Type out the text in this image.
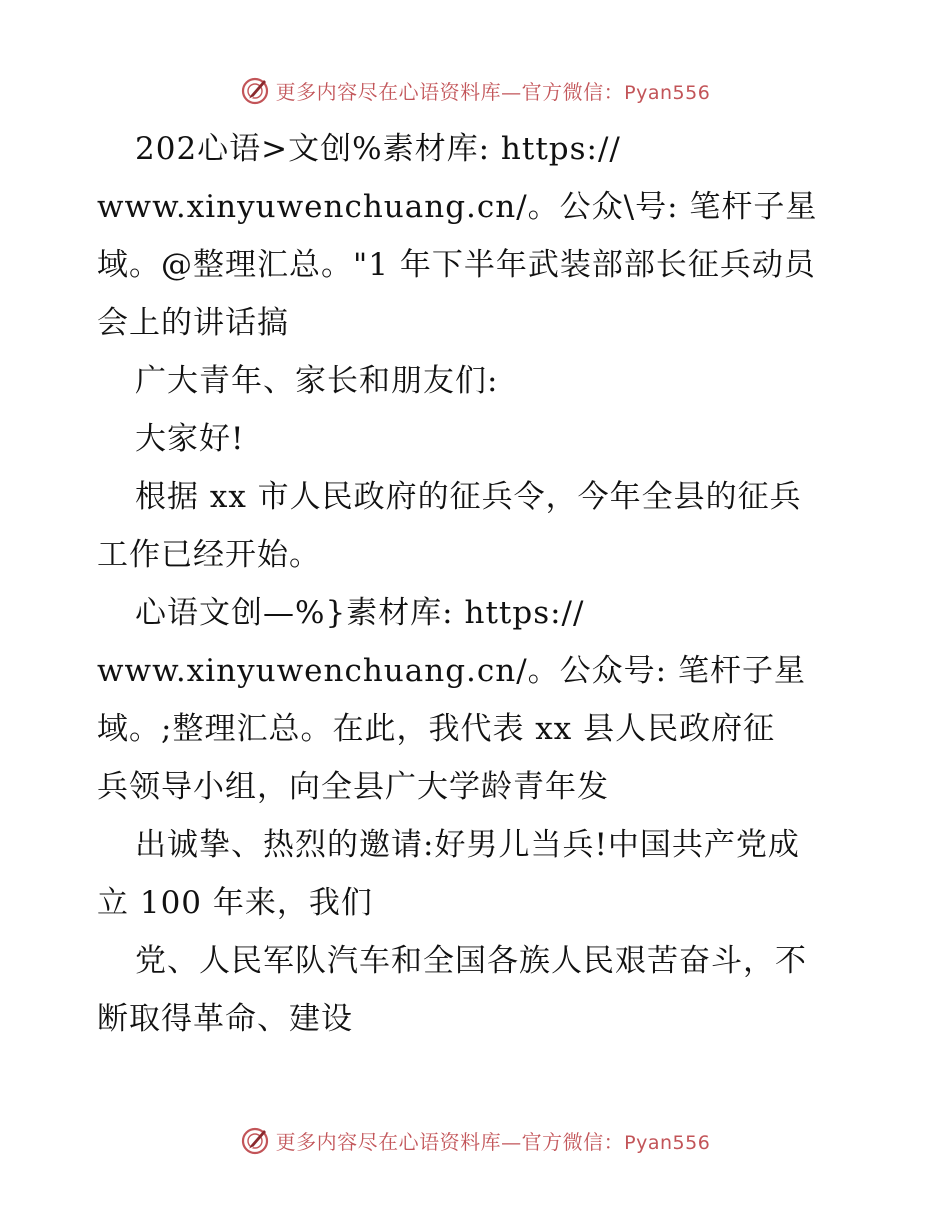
更多内容尽在心语资料库—官方微信：Pyan556
202心语>文创%素材库: https://
www.xinyuwenchuang.cn/。公众\号: 笔杆子星
域。@整理汇总。"1 年下半年武装部部长征兵动员
会上的讲话搞
广大青年、家长和朋友们:
大家好!
根据 xx 市人民政府的征兵令，今年全县的征兵
工作已经开始。
心语文创—%}素材库: https://
www.xinyuwenchuang.cn/。公众号: 笔杆子星
域。;整理汇总。在此，我代表 xx 县人民政府征
兵领导小组，向全县广大学龄青年发
出诚挚、热烈的邀请:好男儿当兵!中国共产党成
立 100 年来，我们
党、人民军队汽车和全国各族人民艰苦奋斗，不
断取得革命、建设
更多内容尽在心语资料库—官方微信：Pyan556
